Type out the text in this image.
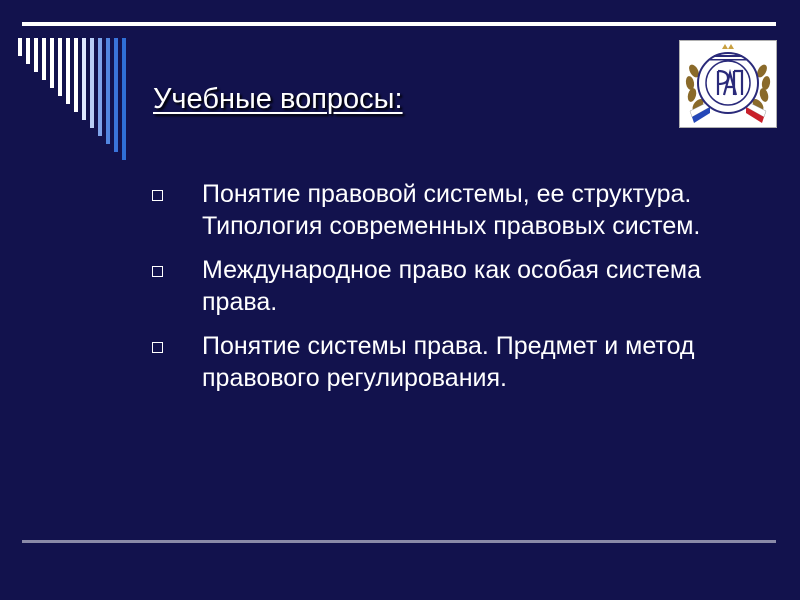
Учебные вопросы:
Понятие правовой системы, ее структура. Типология современных правовых систем.
Международное право как особая система права.
Понятие системы права. Предмет и метод правового регулирования.
